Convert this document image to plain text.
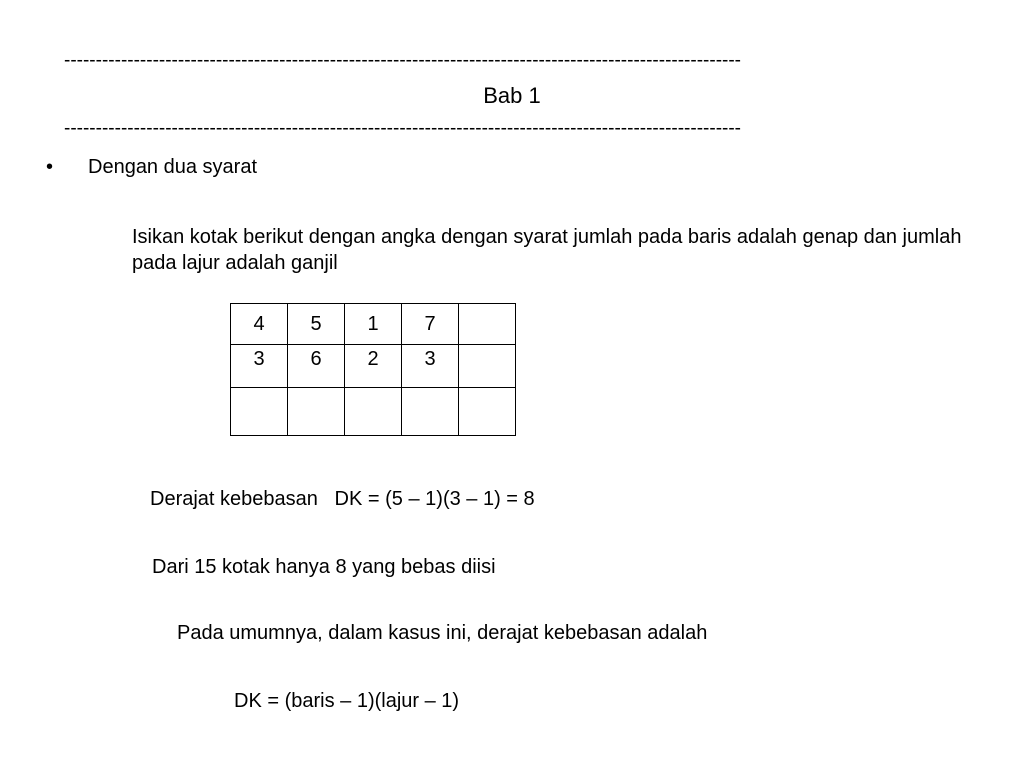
-----------------------------------------------------------------------------------------------------------
Bab 1
-----------------------------------------------------------------------------------------------------------
•	Dengan dua syarat
Isikan kotak berikut dengan angka dengan syarat jumlah pada baris adalah genap dan jumlah pada lajur adalah ganjil
4	5	1	7	
3	6	2	3	

Derajat kebebasan   DK = (5 – 1)(3 – 1) = 8
Dari 15 kotak hanya 8 yang bebas diisi
Pada umumnya, dalam kasus ini, derajat kebebasan adalah
DK = (baris – 1)(lajur – 1)
